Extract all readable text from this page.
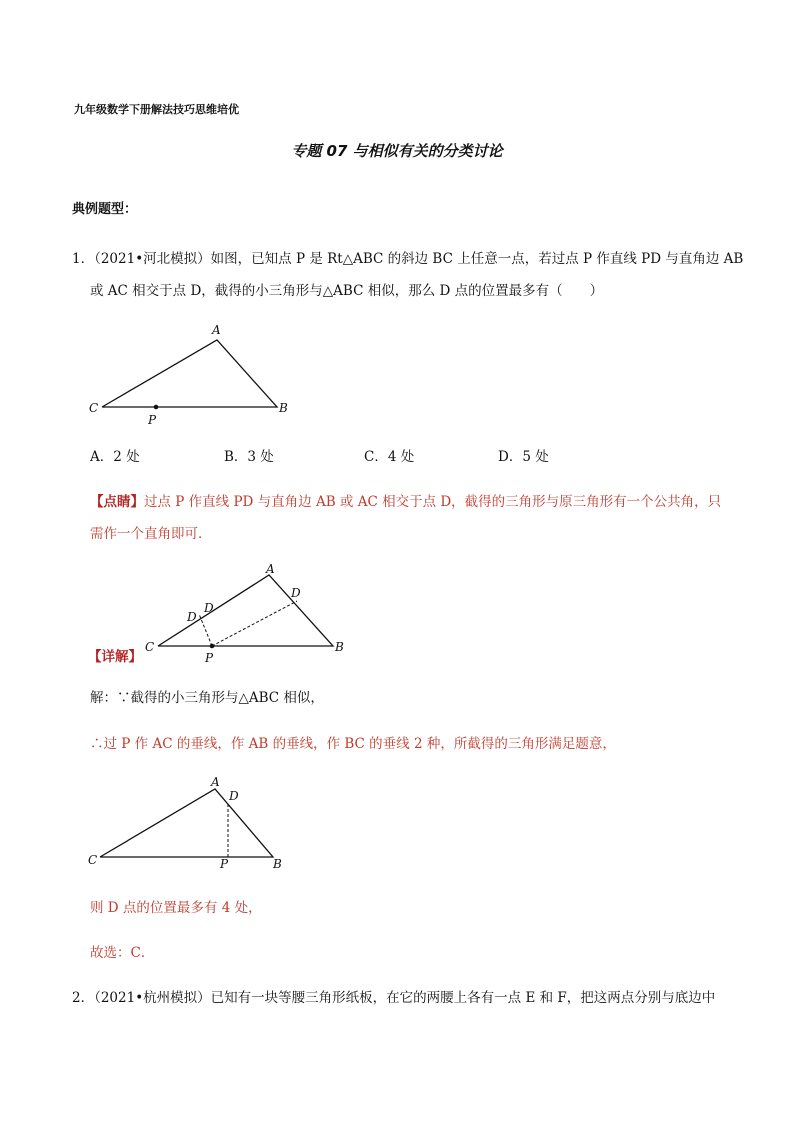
九年级数学下册解法技巧思维培优
专题 07 与相似有关的分类讨论
典例题型：
1．（2021•河北模拟）如图，已知点 P 是 Rt△ABC 的斜边 BC 上任意一点，若过点 P 作直线 PD 与直角边 AB
或 AC 相交于点 D，截得的小三角形与△ABC 相似，那么 D 点的位置最多有（　　）
A
B
C
P
A．2 处	B．3 处	C．4 处	D．5 处
【点睛】过点 P 作直线 PD 与直角边 AB 或 AC 相交于点 D，截得的三角形与原三角形有一个公共角，只
需作一个直角即可．
A
B
C
P
D
D
D
【详解】
解：∵截得的小三角形与△ABC 相似，
∴过 P 作 AC 的垂线，作 AB 的垂线，作 BC 的垂线 2 种，所截得的三角形满足题意，
A
B
C	P
D
则 D 点的位置最多有 4 处，
故选：C．
2．（2021•杭州模拟）已知有一块等腰三角形纸板，在它的两腰上各有一点 E 和 F，把这两点分别与底边中
